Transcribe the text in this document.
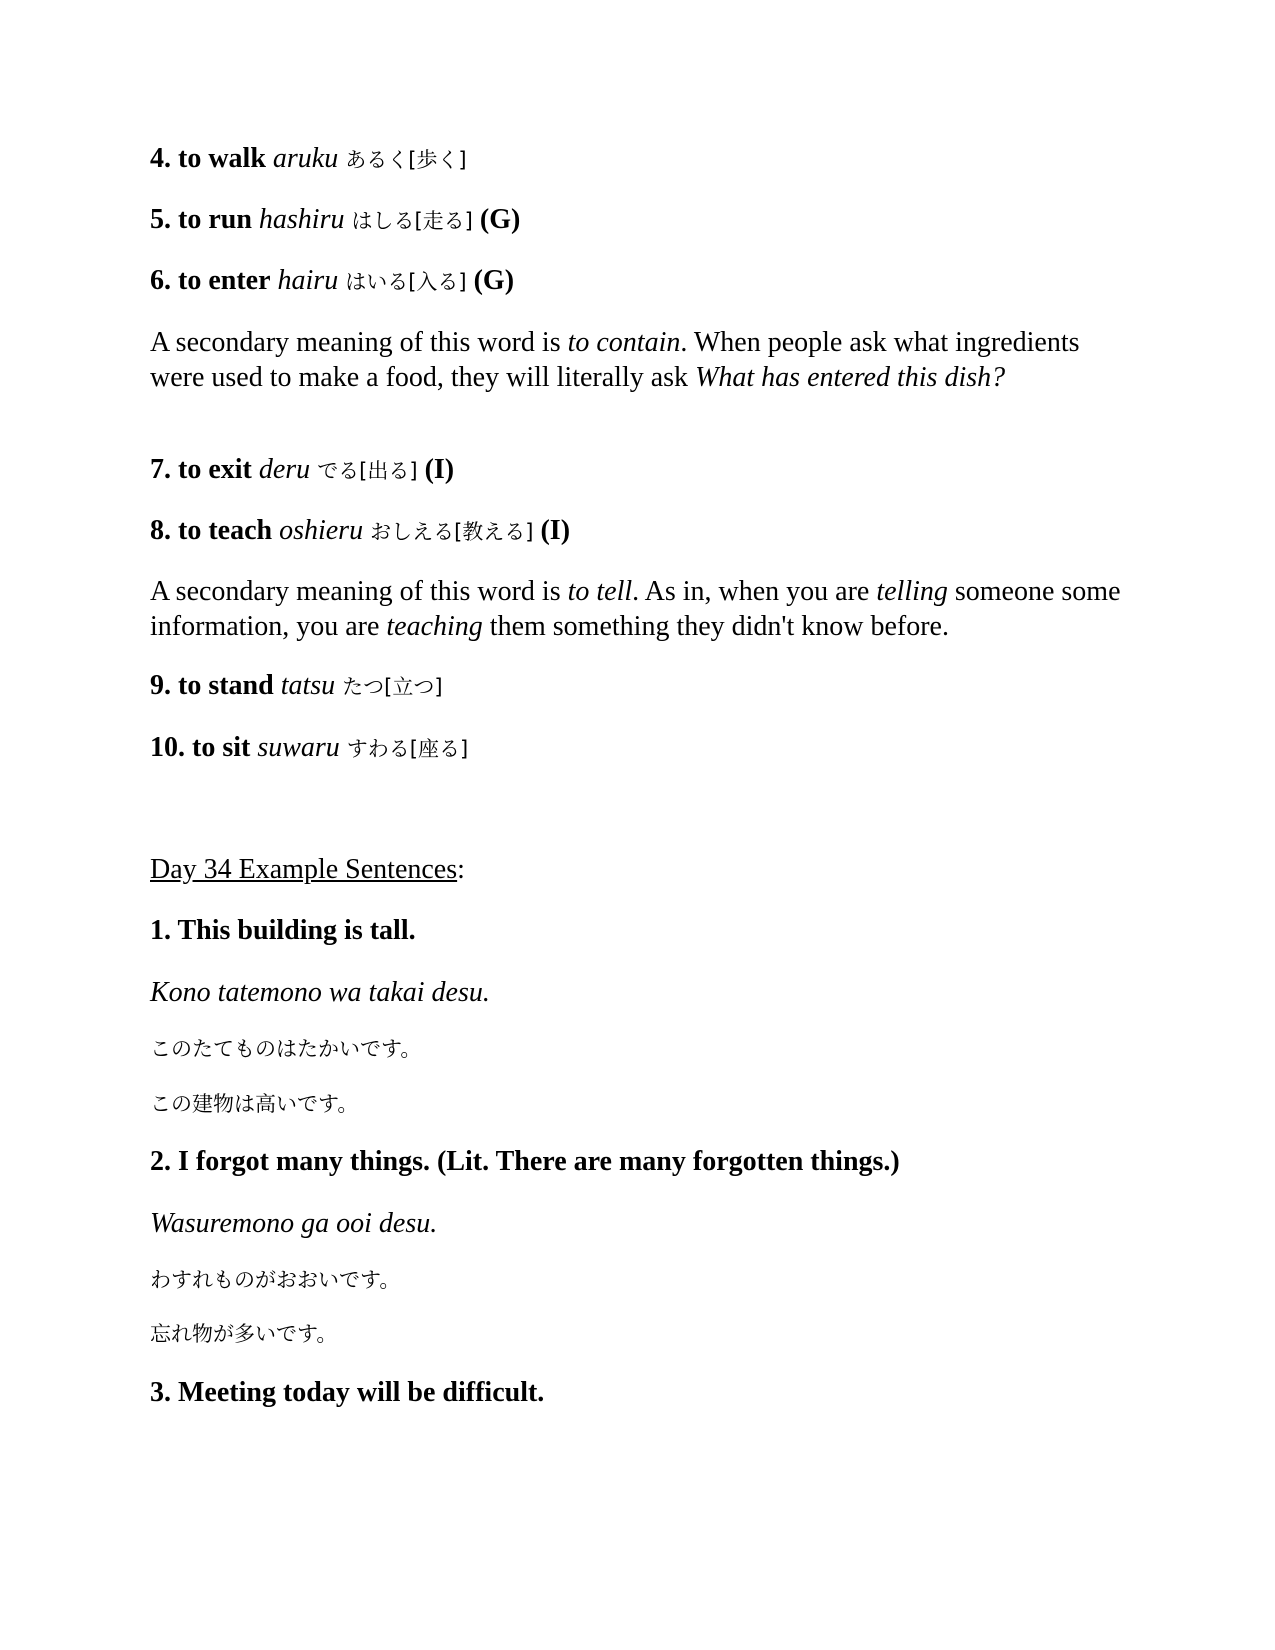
4. to walk aruku あるく[歩く]
5. to run hashiru はしる[走る] (G)
6. to enter hairu はいる[入る] (G)
A secondary meaning of this word is to contain. When people ask what ingredients were used to make a food, they will literally ask What has entered this dish?
7. to exit deru でる[出る] (I)
8. to teach oshieru おしえる[教える] (I)
A secondary meaning of this word is to tell. As in, when you are telling someone some information, you are teaching them something they didn't know before.
9. to stand tatsu たつ[立つ]
10. to sit suwaru すわる[座る]
Day 34 Example Sentences:
1. This building is tall.
Kono tatemono wa takai desu.
このたてものはたかいです。
この建物は高いです。
2. I forgot many things. (Lit. There are many forgotten things.)
Wasuremono ga ooi desu.
わすれものがおおいです。
忘れ物が多いです。
3. Meeting today will be difficult.
